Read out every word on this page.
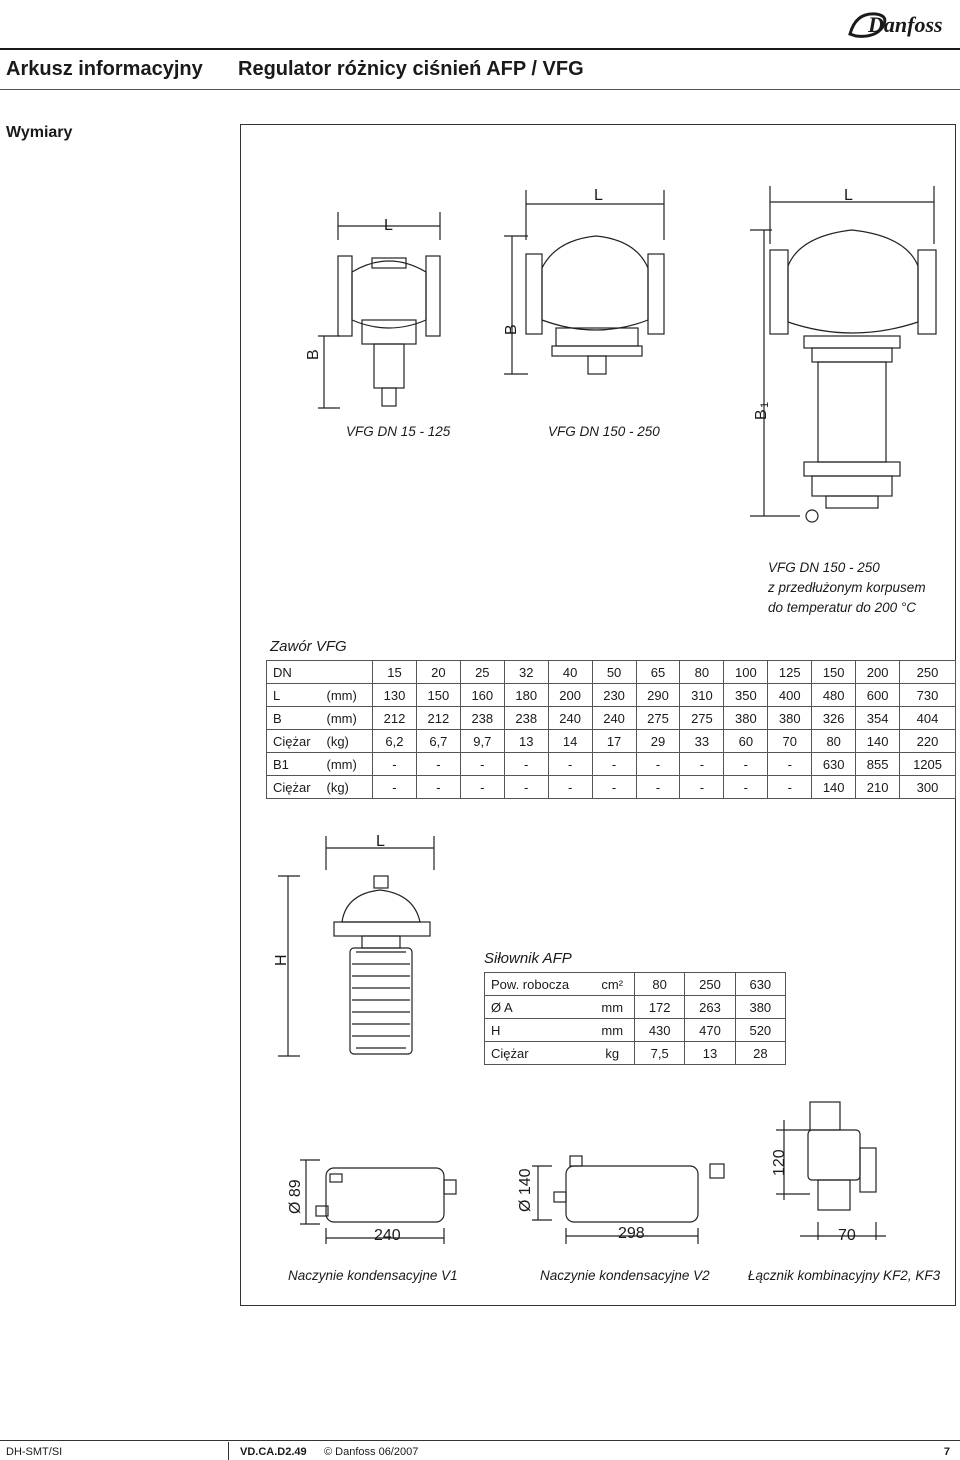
Danfoss
Arkusz informacyjny Regulator różnicy ciśnień AFP / VFG
Wymiary
L
B
L
B
L
B
1
L
H
Ø 89
240
Ø 140
298
120
70
VFG DN 15 - 125	VFG DN 150 - 250
VFG DN 150 - 250
z przedłużonym korpusem
do temperatur do 200 °C
Zawór VFG
DN		15	20	25	32	40	50	65	80	100	125	150	200	250
L	(mm)	130	150	160	180	200	230	290	310	350	400	480	600	730
B	(mm)	212	212	238	238	240	240	275	275	380	380	326	354	404
Ciężar	(kg)	6,2	6,7	9,7	13	14	17	29	33	60	70	80	140	220
B1	(mm)	-	-	-	-	-	-	-	-	-	-	630	855	1205
Ciężar	(kg)	-	-	-	-	-	-	-	-	-	-	140	210	300
Siłownik AFP
Pow. robocza	cm²	80	250	630
Ø A	mm	172	263	380
H	mm	430	470	520
Ciężar	kg	7,5	13	28
Naczynie kondensacyjne V1	Naczynie kondensacyjne V2	Łącznik kombinacyjny KF2, KF3
DH-SMT/SI	VD.CA.D2.49 © Danfoss 06/2007	7
